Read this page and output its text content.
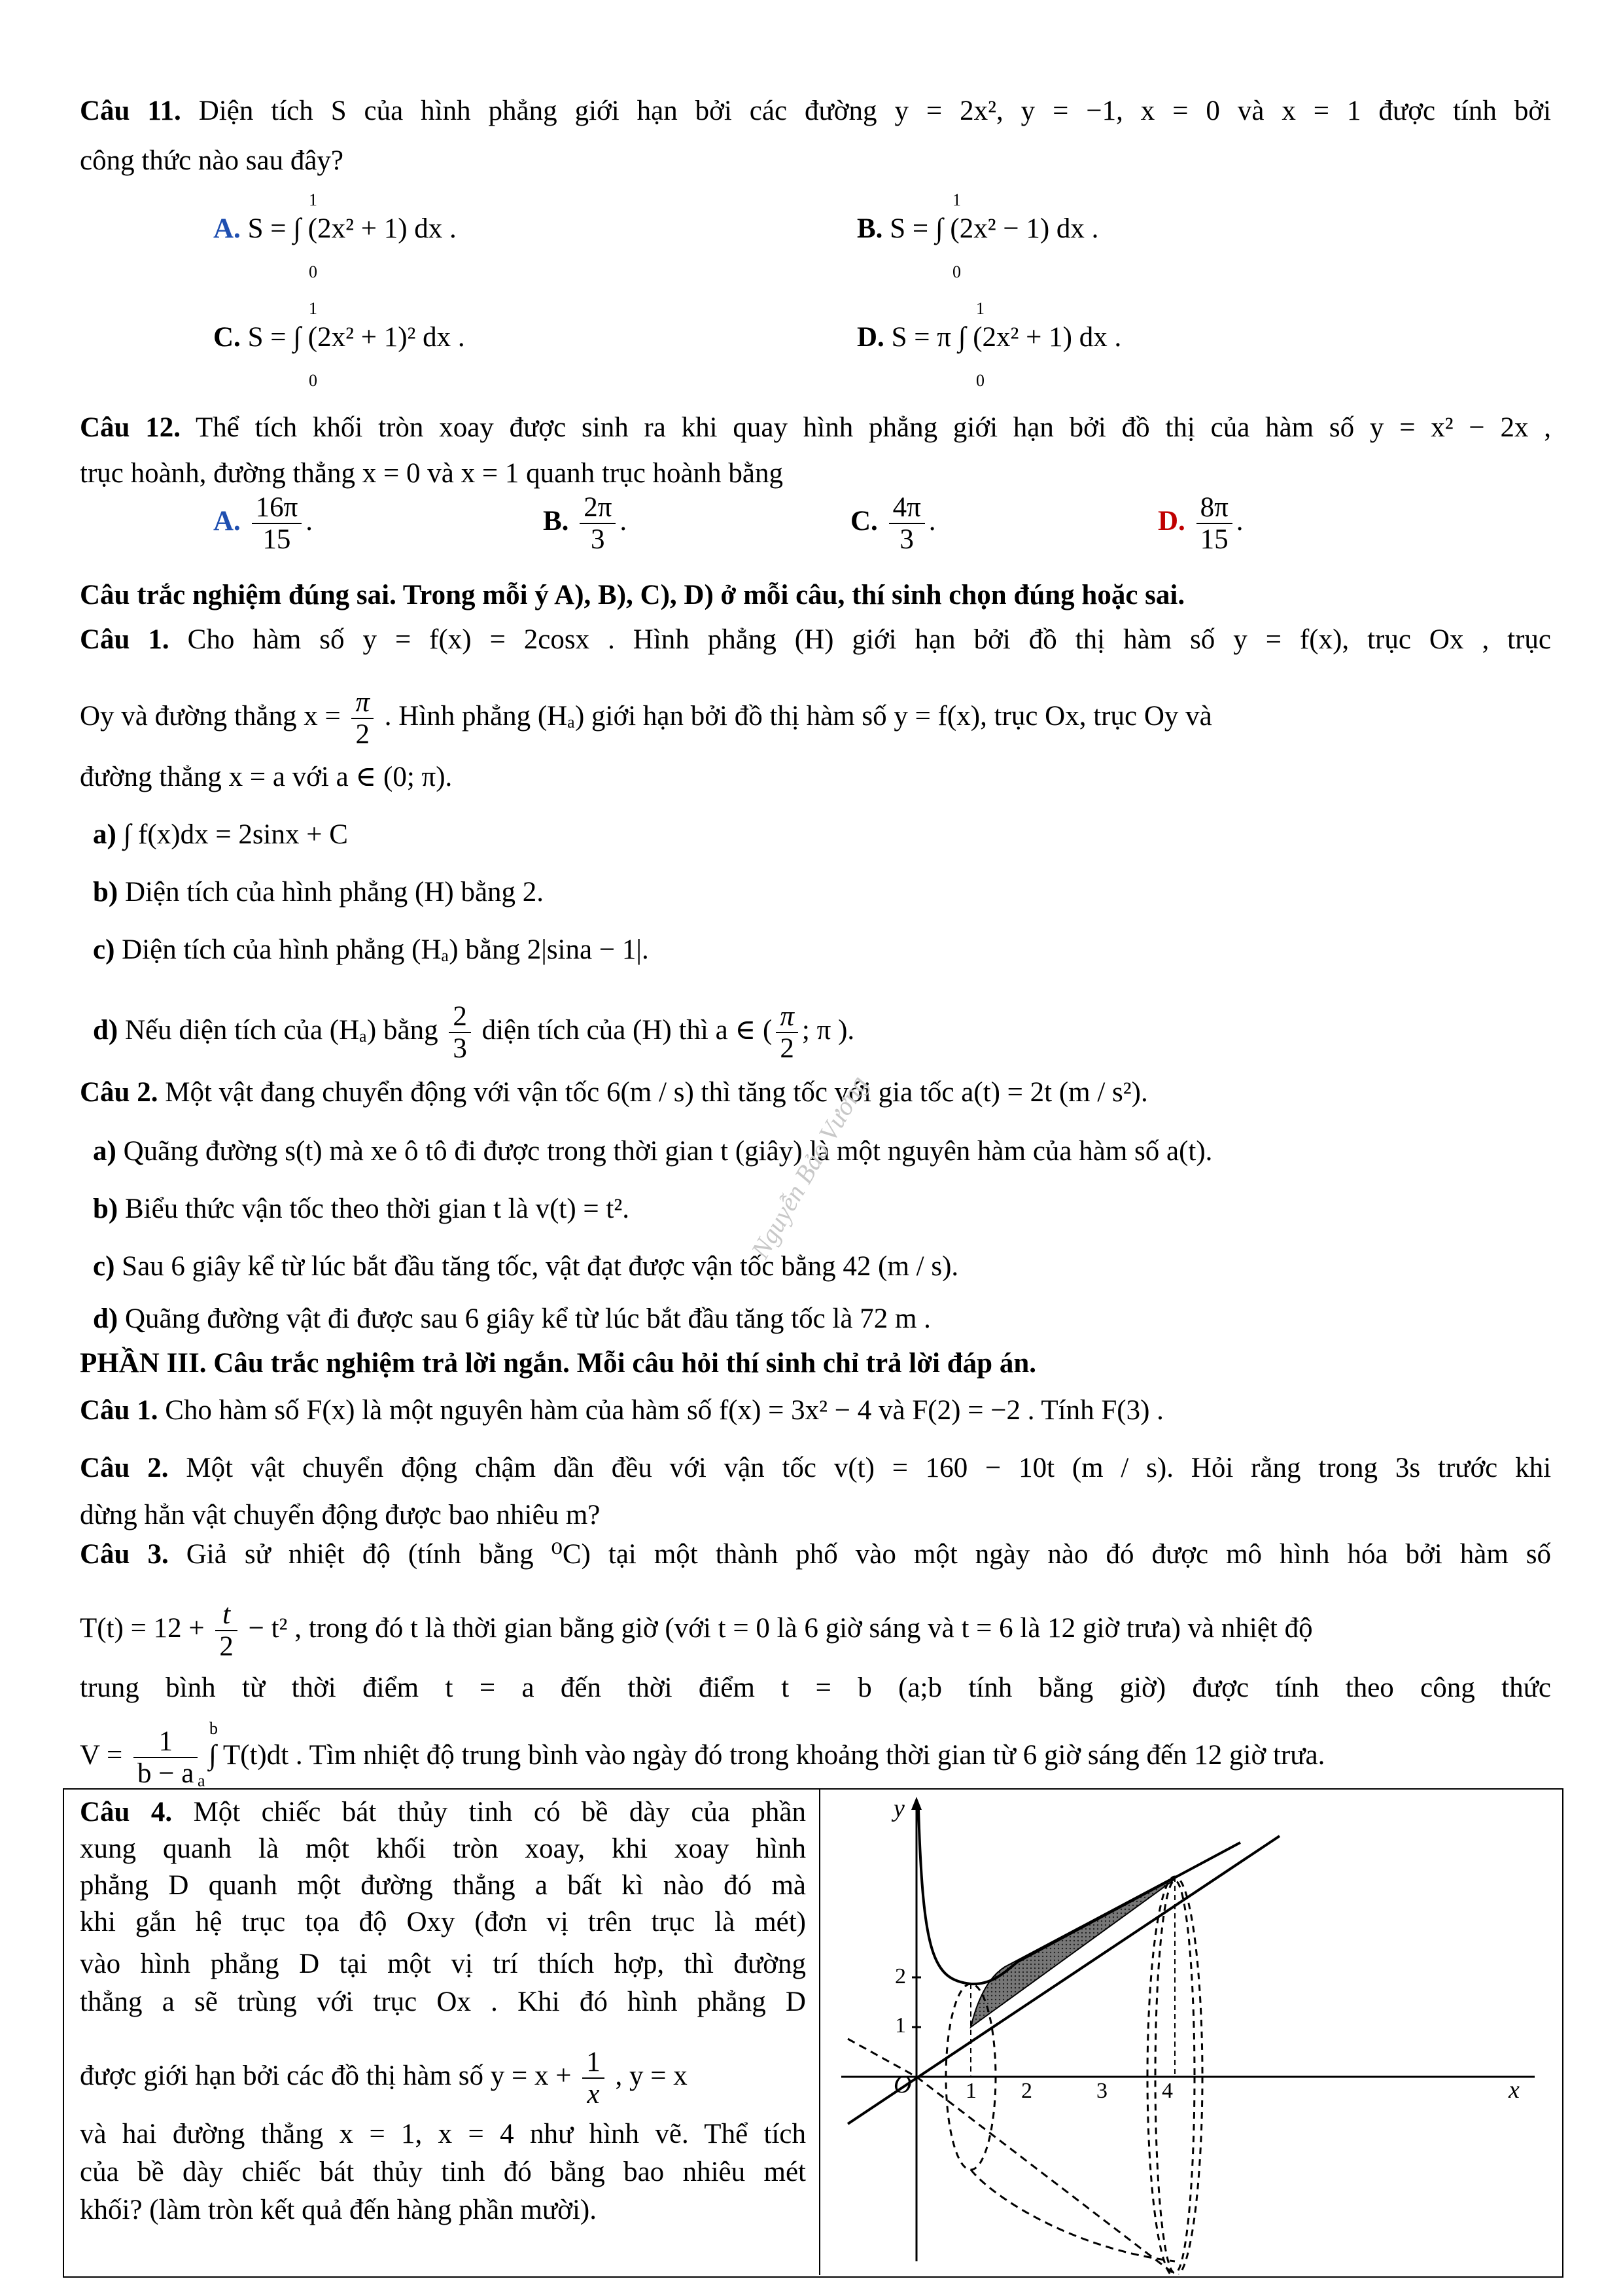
Câu 11. Diện tích S của hình phẳng giới hạn bởi các đường y = 2x², y = −1, x = 0 và x = 1 được tính bởi
công thức nào sau đây?
A. S = ∫ (2x² + 1) dx .	B. S = ∫ (2x² − 1) dx .
C. S = ∫ (2x² + 1)² dx .	D. S = π ∫ (2x² + 1) dx .
1
0
1
0
1
0
1
0
Câu 12. Thể tích khối tròn xoay được sinh ra khi quay hình phẳng giới hạn bởi đồ thị của hàm số y = x² − 2x ,
trục hoành, đường thẳng x = 0 và x = 1 quanh trục hoành bằng
A. $\frac{16\pi}{15}$ .	B. $\frac{2\pi}{3}$ .	C. $\frac{4\pi}{3}$ .	D. $\frac{8\pi}{15}$ .
Câu trắc nghiệm đúng sai. Trong mỗi ý A), B), C), D) ở mỗi câu, thí sinh chọn đúng hoặc sai.
Câu 1. Cho hàm số y = f(x) = 2cosx . Hình phẳng (H) giới hạn bởi đồ thị hàm số y = f(x), trục Ox , trục
Oy và đường thẳng $x = \frac{\pi}{2}$ . Hình phẳng (Hₐ) giới hạn bởi đồ thị hàm số y = f(x), trục Ox, trục Oy và
đường thẳng x = a với a ∈ (0; π).
a) ∫ f(x)dx = 2sinx + C
b) Diện tích của hình phẳng (H) bằng 2.
c) Diện tích của hình phẳng (Hₐ) bằng 2|sina − 1|.
d) Nếu diện tích của (Hₐ) bằng $\frac{2}{3}$ diện tích của (H) thì a ∈ ( $\frac{\pi}{2}$ ; π ).
Câu 2. Một vật đang chuyển động với vận tốc 6(m / s) thì tăng tốc với gia tốc a(t) = 2t (m / s²).
a) Quãng đường s(t) mà xe ô tô đi được trong thời gian t (giây) là một nguyên hàm của hàm số a(t).
b) Biểu thức vận tốc theo thời gian t là v(t) = t².
c) Sau 6 giây kể từ lúc bắt đầu tăng tốc, vật đạt được vận tốc bằng 42 (m / s).
d) Quãng đường vật đi được sau 6 giây kể từ lúc bắt đầu tăng tốc là 72 m .
PHẦN III. Câu trắc nghiệm trả lời ngắn. Mỗi câu hỏi thí sinh chỉ trả lời đáp án.
Câu 1. Cho hàm số F(x) là một nguyên hàm của hàm số f(x) = 3x² − 4 và F(2) = −2 . Tính F(3) .
Câu 2. Một vật chuyển động chậm dần đều với vận tốc v(t) = 160 − 10t (m / s). Hỏi rằng trong 3s trước khi
dừng hẳn vật chuyển động được bao nhiêu m?
Câu 3. Giả sử nhiệt độ (tính bằng ⁰C) tại một thành phố vào một ngày nào đó được mô hình hóa bởi hàm số
$T(t) = 12 + \frac{t}{2} - t^2$ , trong đó t là thời gian bằng giờ (với t = 0 là 6 giờ sáng và t = 6 là 12 giờ trưa) và nhiệt độ
trung bình từ thời điểm t = a đến thời điểm t = b (a;b tính bằng giờ) được tính theo công thức
$V = \frac{1}{b - a}$ ∫ T(t)dt . Tìm nhiệt độ trung bình vào ngày đó trong khoảng thời gian từ 6 giờ sáng đến 12 giờ trưa.
b
a
Câu 4. Một chiếc bát thủy tinh có bề dày của phần
xung quanh là một khối tròn xoay, khi xoay hình
phẳng D quanh một đường thẳng a bất kì nào đó mà
khi gắn hệ trục tọa độ Oxy (đơn vị trên trục là mét)
vào hình phẳng D tại một vị trí thích hợp, thì đường
thẳng a sẽ trùng với trục Ox . Khi đó hình phẳng D
được giới hạn bởi các đồ thị hàm số $y = x + \frac{1}{x}$ , y = x
và hai đường thẳng x = 1, x = 4 như hình vẽ. Thể tích
của bề dày chiếc bát thủy tinh đó bằng bao nhiêu mét
khối? (làm tròn kết quả đến hàng phần mười).
y
x
O
2
1
1 2	3 4
Nguyễn Bảo Vương
